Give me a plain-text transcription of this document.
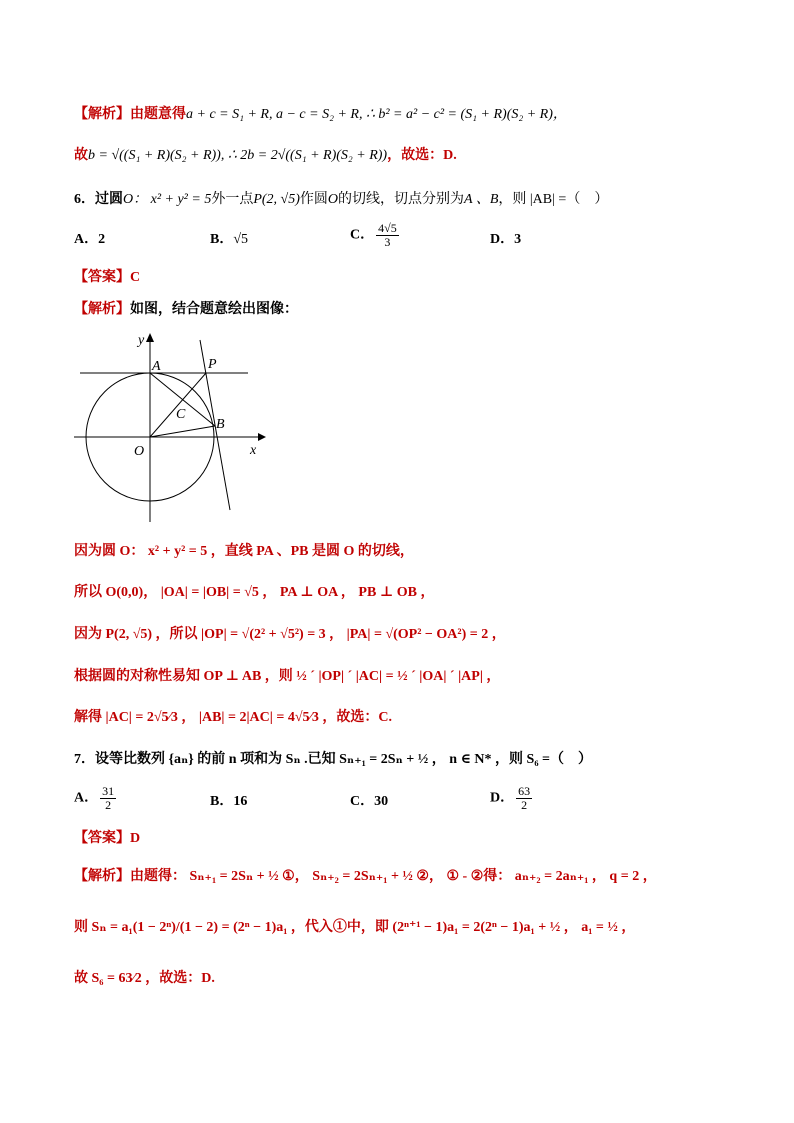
【解析】由题意得a + c = S₁ + R, a − c = S₂ + R, ∴ b² = a² − c² = (S₁ + R)(S₂ + R)，
故b = √((S₁ + R)(S₂ + R)), ∴ 2b = 2√((S₁ + R)(S₂ + R))，故选：D.
6．过圆O： x² + y² = 5外一点P(2, √5)作圆O的切线，切点分别为A 、B，则 |AB| =（　）
A．2	B．√5	C． $\frac{4√5}{3}$	D．3
【答案】C
【解析】如图，结合题意绘出图像：
y
x
A	P
C
B
O
因为圆 O： x² + y² = 5 ，直线 PA 、PB 是圆 O 的切线，
所以 O(0,0)， |OA| = |OB| = √5 ， PA ⊥ OA ， PB ⊥ OB ，
因为 P(2, √5) ，所以 |OP| = √(2² + √5²) = 3 ， |PA| = √(OP² − OA²) = 2 ，
根据圆的对称性易知 OP ⊥ AB ，则 ½ ´ |OP| ´ |AC| = ½ ´ |OA| ´ |AP| ，
解得 |AC| = 2√5⁄3 ， |AB| = 2|AC| = 4√5⁄3 ，故选：C.
7．设等比数列 {aₙ} 的前 n 项和为 Sₙ .已知 Sₙ₊₁ = 2Sₙ + ½ ， n ∈ N* ，则 S₆ =（　）
A． $\frac{31}{2}$	B．16	C．30	D． $\frac{63}{2}$
【答案】D
【解析】由题得： Sₙ₊₁ = 2Sₙ + ½ ①， Sₙ₊₂ = 2Sₙ₊₁ + ½ ②， ① - ②得： aₙ₊₂ = 2aₙ₊₁ ， q = 2 ，
则 Sₙ = a₁(1 − 2ⁿ)/(1 − 2) = (2ⁿ − 1)a₁ ，代入①中，即 (2ⁿ⁺¹ − 1)a₁ = 2(2ⁿ − 1)a₁ + ½ ， a₁ = ½ ，
故 S₆ = 63⁄2 ，故选：D.
